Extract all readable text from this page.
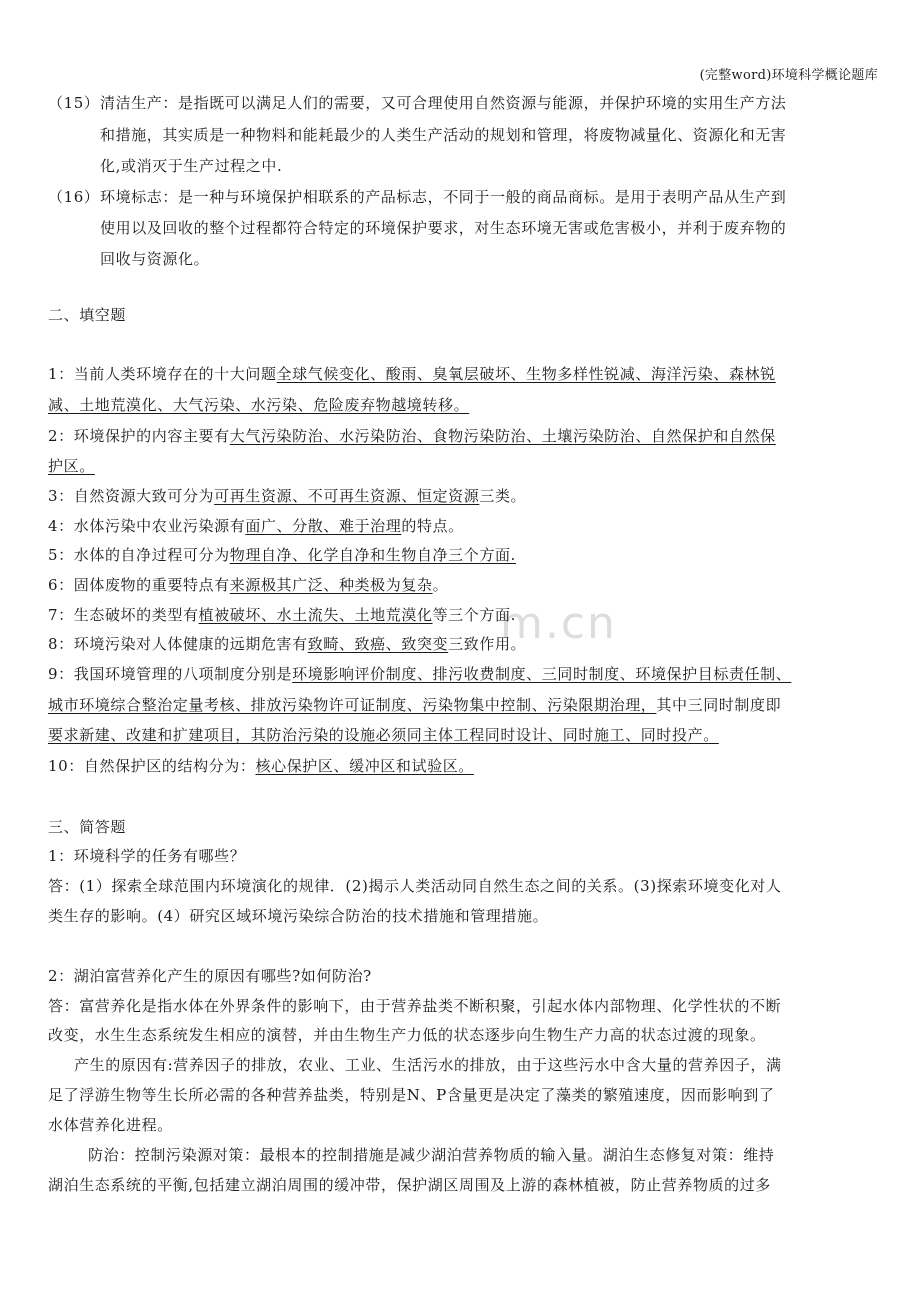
(完整word)环境科学概论题库
m.cn
（15）清洁生产：是指既可以满足人们的需要，又可合理使用自然资源与能源，并保护环境的实用生产方法
和措施，其实质是一种物料和能耗最少的人类生产活动的规划和管理，将废物减量化、资源化和无害
化,或消灭于生产过程之中.
（16）环境标志：是一种与环境保护相联系的产品标志，不同于一般的商品商标。是用于表明产品从生产到
使用以及回收的整个过程都符合特定的环境保护要求，对生态环境无害或危害极小，并利于废弃物的
回收与资源化。
二、填空题
1：当前人类环境存在的十大问题全球气候变化、酸雨、臭氧层破坏、生物多样性锐减、海洋污染、森林锐
减、土地荒漠化、大气污染、水污染、危险废弃物越境转移。
2：环境保护的内容主要有大气污染防治、水污染防治、食物污染防治、土壤污染防治、自然保护和自然保
护区。
3：自然资源大致可分为可再生资源、不可再生资源、恒定资源三类。
4：水体污染中农业污染源有面广、分散、难于治理的特点。
5：水体的自净过程可分为物理自净、化学自净和生物自净三个方面.
6：固体废物的重要特点有来源极其广泛、种类极为复杂。
7：生态破坏的类型有植被破坏、水土流失、土地荒漠化等三个方面.
8：环境污染对人体健康的远期危害有致畸、致癌、致突变三致作用。
9：我国环境管理的八项制度分别是环境影响评价制度、排污收费制度、三同时制度、环境保护目标责任制、
城市环境综合整治定量考核、排放污染物许可证制度、污染物集中控制、污染限期治理，其中三同时制度即
要求新建、改建和扩建项目，其防治污染的设施必须同主体工程同时设计、同时施工、同时投产。
10：自然保护区的结构分为：核心保护区、缓冲区和试验区。
三、简答题
1：环境科学的任务有哪些？
答：(1）探索全球范围内环境演化的规律．(2)揭示人类活动同自然生态之间的关系。(3)探索环境变化对人
类生存的影响。(4）研究区域环境污染综合防治的技术措施和管理措施。
2：湖泊富营养化产生的原因有哪些?如何防治?
答：富营养化是指水体在外界条件的影响下，由于营养盐类不断积聚，引起水体内部物理、化学性状的不断
改变，水生生态系统发生相应的演替，并由生物生产力低的状态逐步向生物生产力高的状态过渡的现象。
产生的原因有:营养因子的排放，农业、工业、生活污水的排放，由于这些污水中含大量的营养因子，满
足了浮游生物等生长所必需的各种营养盐类，特别是N、P含量更是决定了藻类的繁殖速度，因而影响到了
水体营养化进程。
防治：控制污染源对策：最根本的控制措施是减少湖泊营养物质的输入量。湖泊生态修复对策：维持
湖泊生态系统的平衡,包括建立湖泊周围的缓冲带，保护湖区周围及上游的森林植被，防止营养物质的过多
